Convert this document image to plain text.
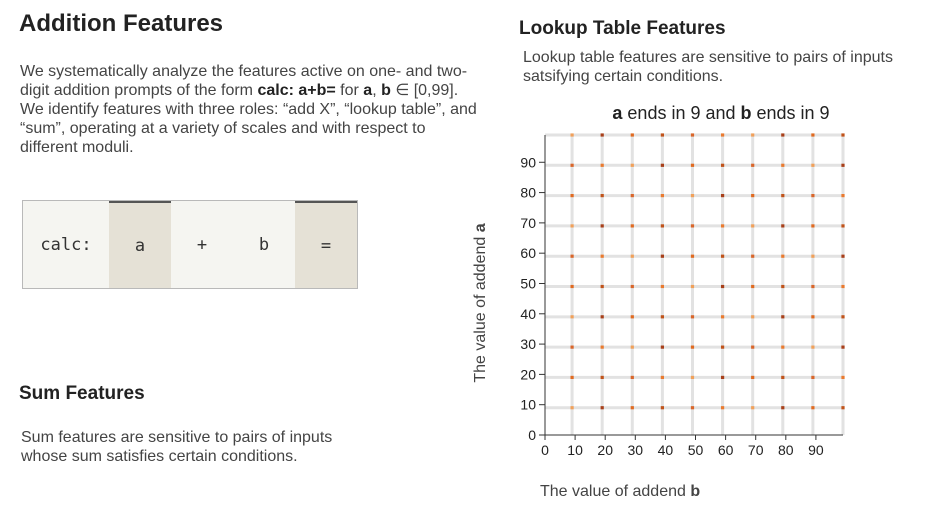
Addition Features

We systematically analyze the features active on one- and two-digit addition prompts of the form calc: a+b= for a, b ∈ [0,99]. We identify features with three roles: “add X”, “lookup table”, and “sum”, operating at a variety of scales and with respect to different moduli.

calc:	a	+	b	=
Sum Features

Sum features are sensitive to pairs of inputs whose sum satisfies certain conditions.

Lookup Table Features

Lookup table features are sensitive to pairs of inputs satsifying certain conditions.

a ends in 9 and b ends in 9
0 10 20 30 40 50 60 70 80 90
0
10
20
30
40
50
60
70
80
90
The value of addend b
The value of addend a
